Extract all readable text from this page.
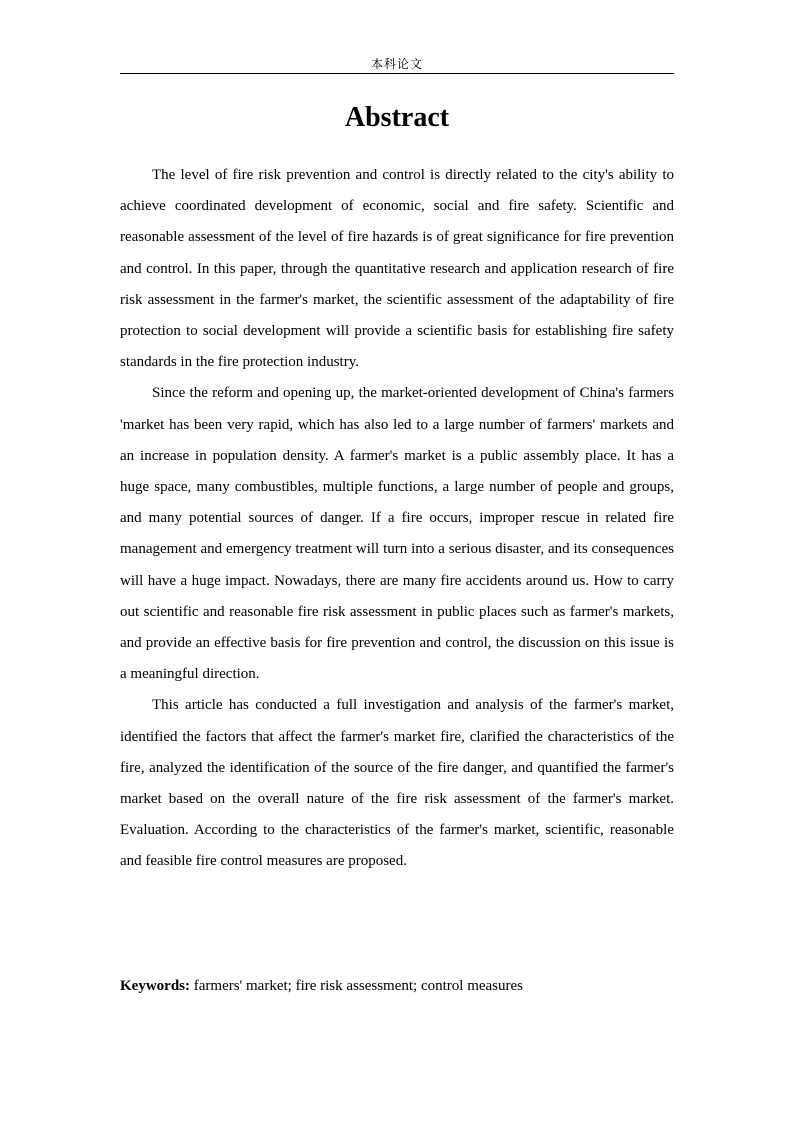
本科论文
Abstract

The level of fire risk prevention and control is directly related to the city's ability to achieve coordinated development of economic, social and fire safety. Scientific and reasonable assessment of the level of fire hazards is of great significance for fire prevention and control. In this paper, through the quantitative research and application research of fire risk assessment in the farmer's market, the scientific assessment of the adaptability of fire protection to social development will provide a scientific basis for establishing fire safety standards in the fire protection industry.

Since the reform and opening up, the market-oriented development of China's farmers 'market has been very rapid, which has also led to a large number of farmers' markets and an increase in population density. A farmer's market is a public assembly place. It has a huge space, many combustibles, multiple functions, a large number of people and groups, and many potential sources of danger. If a fire occurs, improper rescue in related fire management and emergency treatment will turn into a serious disaster, and its consequences will have a huge impact. Nowadays, there are many fire accidents around us. How to carry out scientific and reasonable fire risk assessment in public places such as farmer's markets, and provide an effective basis for fire prevention and control, the discussion on this issue is a meaningful direction.

This article has conducted a full investigation and analysis of the farmer's market, identified the factors that affect the farmer's market fire, clarified the characteristics of the fire, analyzed the identification of the source of the fire danger, and quantified the farmer's market based on the overall nature of the fire risk assessment of the farmer's market. Evaluation. According to the characteristics of the farmer's market, scientific, reasonable and feasible fire control measures are proposed.

Keywords: farmers' market; fire risk assessment; control measures
